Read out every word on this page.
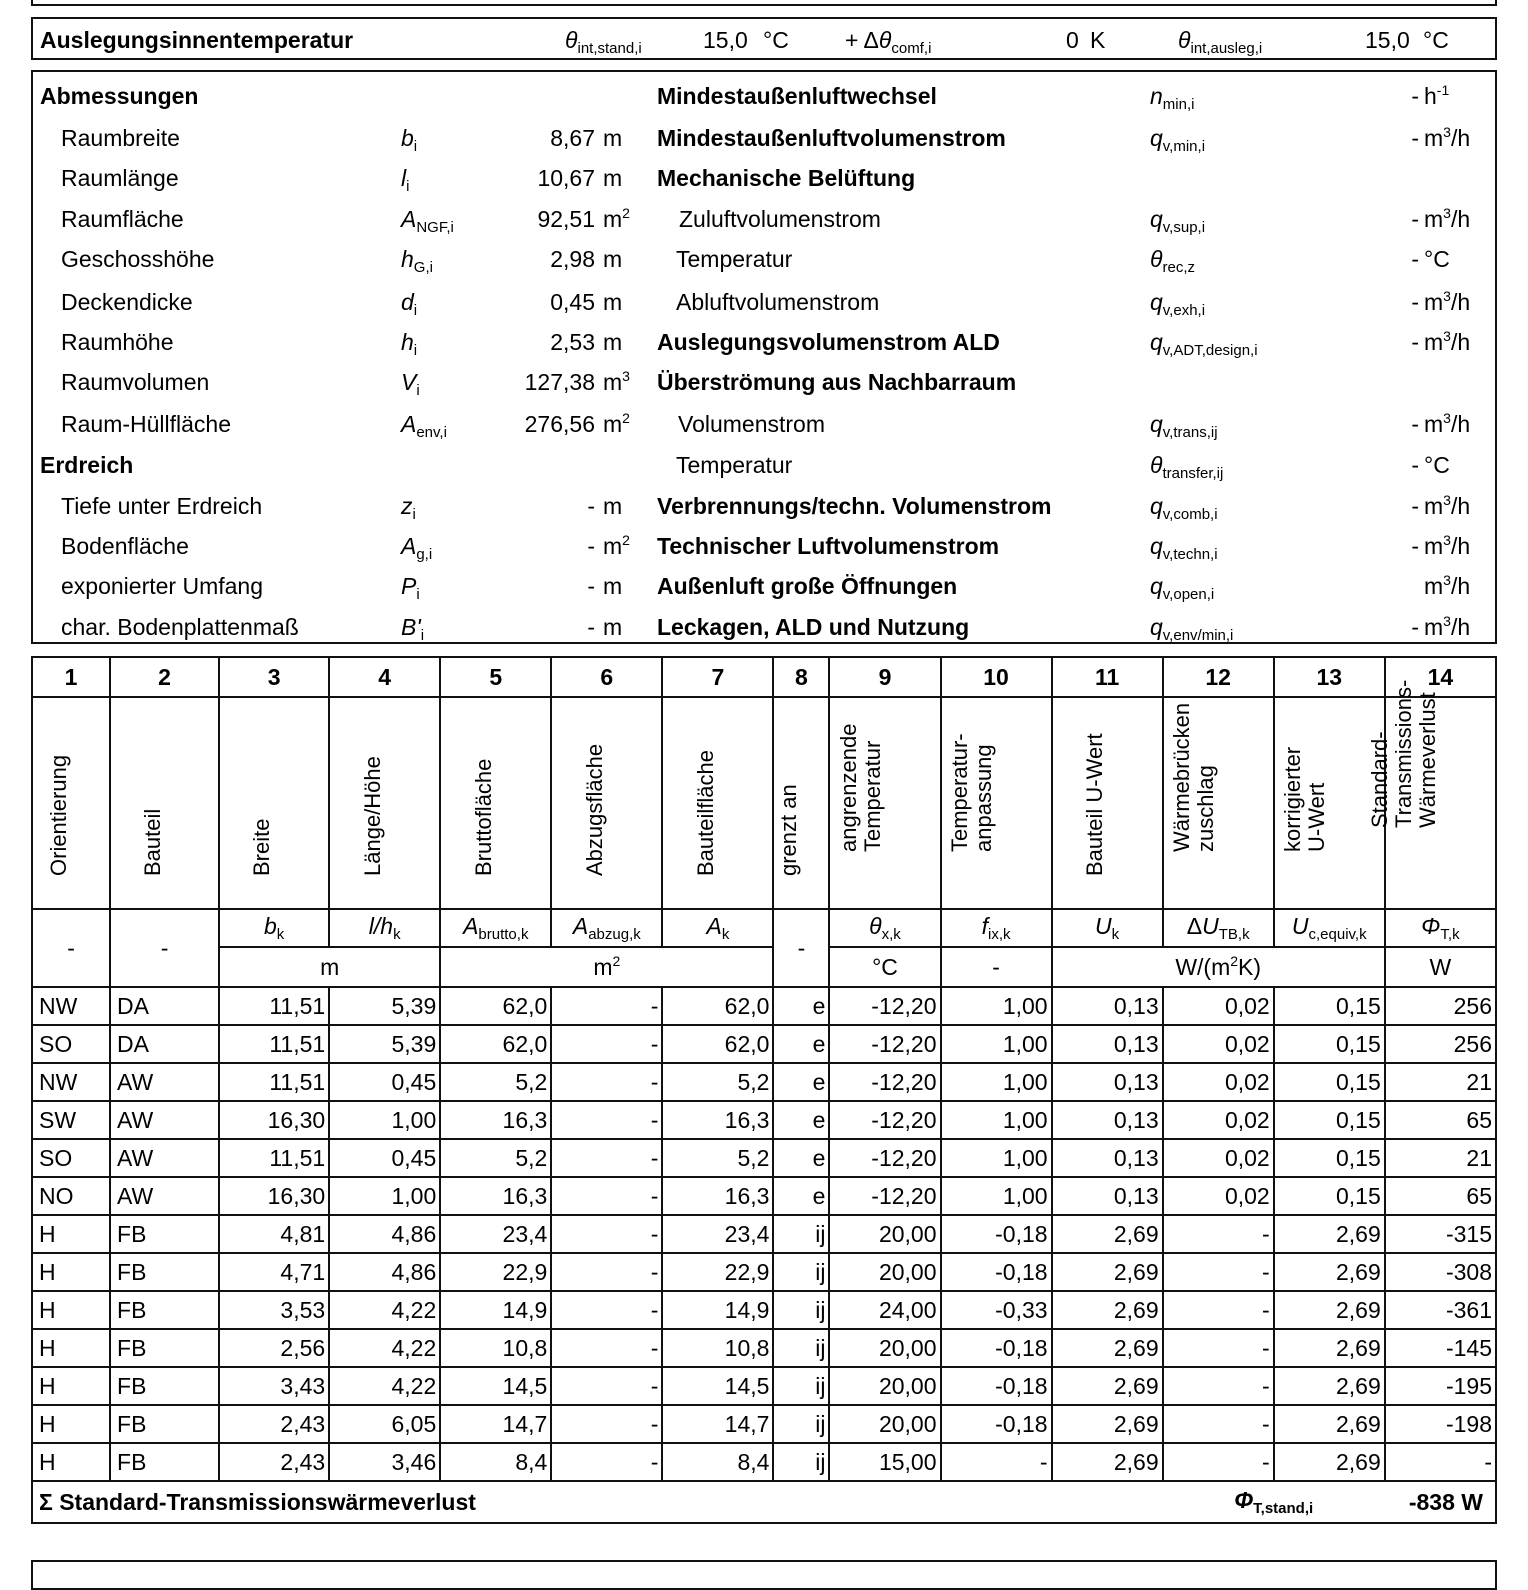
Auslegungsinnentemperatur	$\theta_{int,stand,i}$	15,0 $^\circ C + \Delta\theta_{comf,i}$	0 K	$\theta_{int,ausleg,i}$	15,0 °C
Abmessungen
Raumbreite	$b_i$	8,67 m
Raumlänge	$l_i$	10,67 m
Raumfläche	$A_{NGF,i}$	92,51 $m^2$
Geschosshöhe	$h_{G,i}$	2,98 m
Deckendicke	$d_i$	0,45 m
Raumhöhe	$h_i$	2,53 m
Raumvolumen	$V_i$	127,38 $m^3$
Raum-Hüllfläche	$A_{env,i}$	276,56 $m^2$
Erdreich
Tiefe unter Erdreich	$z_i$	- m
Bodenfläche	$A_{g,i}$	- $m^2$
exponierter Umfang	$P_i$	- m
char. Bodenplattenmaß	$B'_i$	- m
Mindestaußenluftwechsel	$n_{min,i}$	- $h^{-1}$
Mindestaußenluftvolumenstrom	$q_{v,min,i}$	- $m^3/h$
Mechanische Belüftung
Zuluftvolumenstrom	$q_{v,sup,i}$	- $m^3/h$
Temperatur	$\theta_{rec,z}$	- °C
Abluftvolumenstrom	$q_{v,exh,i}$	- $m^3/h$
Auslegungsvolumenstrom ALD	$q_{v,ADT,design,i}$	- $m^3/h$
Überströmung aus Nachbarraum
Volumenstrom	$q_{v,trans,ij}$	- $m^3/h$
Temperatur	$\theta_{transfer,ij}$	- °C
Verbrennungs/techn. Volumenstrom	$q_{v,comb,i}$	- $m^3/h$
Technischer Luftvolumenstrom	$q_{v,techn,i}$	- $m^3/h$
Außenluft große Öffnungen	$q_{v,open,i}$	$m^3/h$
Leckagen, ALD und Nutzung	$q_{v,env/min,i}$	- $m^3/h$
1	2	3	4	5	6	7	8	9	10	11	12	13	14

Orientierung	Bauteil	Breite	Länge/Höhe	Bruttofläche	Abzugsfläche	Bauteilfläche	grenzt an	angrenzende Temperatur	Temperatur- anpassung	Bauteil U-Wert	Wärmebrücken zuschlag	korrigierter U-Wert	Standard- Transmissions- Wärmeverlust

-	-	$b_k$	$l/h_k$	$A_{brutto,k}$	$A_{abzug,k}$	$A_k$	-	$\theta_{x,k}$	$f_{ix,k}$	$U_k$	$\Delta U_{TB,k}$	$U_{c,equiv,k}$	$\Phi_{T,k}$
		m		$m^2$				°C	-	$W/(m^2K)$			W
NW	DA	11,51	5,39	62,0	-	62,0	e	-12,20	1,00	0,13	0,02	0,15	256
SO	DA	11,51	5,39	62,0	-	62,0	e	-12,20	1,00	0,13	0,02	0,15	256
NW	AW	11,51	0,45	5,2	-	5,2	e	-12,20	1,00	0,13	0,02	0,15	21
SW	AW	16,30	1,00	16,3	-	16,3	e	-12,20	1,00	0,13	0,02	0,15	65
SO	AW	11,51	0,45	5,2	-	5,2	e	-12,20	1,00	0,13	0,02	0,15	21
NO	AW	16,30	1,00	16,3	-	16,3	e	-12,20	1,00	0,13	0,02	0,15	65
H	FB	4,81	4,86	23,4	-	23,4	ij	20,00	-0,18	2,69	-	2,69	-315
H	FB	4,71	4,86	22,9	-	22,9	ij	20,00	-0,18	2,69	-	2,69	-308
H	FB	3,53	4,22	14,9	-	14,9	ij	24,00	-0,33	2,69	-	2,69	-361
H	FB	2,56	4,22	10,8	-	10,8	ij	20,00	-0,18	2,69	-	2,69	-145
H	FB	3,43	4,22	14,5	-	14,5	ij	20,00	-0,18	2,69	-	2,69	-195
H	FB	2,43	6,05	14,7	-	14,7	ij	20,00	-0,18	2,69	-	2,69	-198
H	FB	2,43	3,46	8,4	-	8,4	ij	15,00	-	2,69	-	2,69	-
Σ Standard-Transmissionswärmeverlust											$\Phi_{T,stand,i}$		-838 W
